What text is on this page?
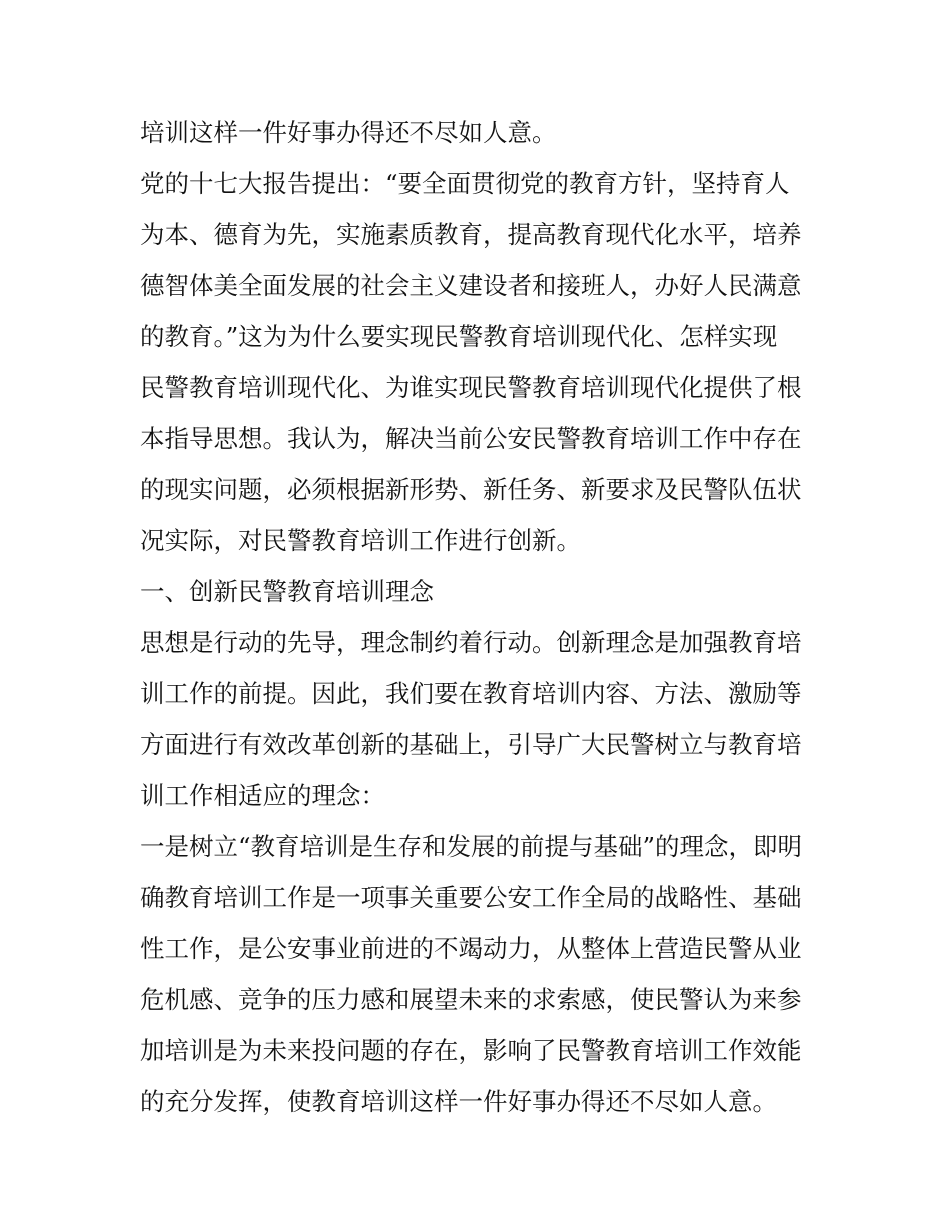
培训这样一件好事办得还不尽如人意。
党的十七大报告提出：“要全面贯彻党的教育方针，坚持育人
为本、德育为先，实施素质教育，提高教育现代化水平，培养
德智体美全面发展的社会主义建设者和接班人，办好人民满意
的教育。”这为为什么要实现民警教育培训现代化、怎样实现
民警教育培训现代化、为谁实现民警教育培训现代化提供了根
本指导思想。我认为，解决当前公安民警教育培训工作中存在
的现实问题，必须根据新形势、新任务、新要求及民警队伍状
况实际，对民警教育培训工作进行创新。
一、创新民警教育培训理念
思想是行动的先导，理念制约着行动。创新理念是加强教育培
训工作的前提。因此，我们要在教育培训内容、方法、激励等
方面进行有效改革创新的基础上，引导广大民警树立与教育培
训工作相适应的理念：
一是树立“教育培训是生存和发展的前提与基础”的理念，即明
确教育培训工作是一项事关重要公安工作全局的战略性、基础
性工作，是公安事业前进的不竭动力，从整体上营造民警从业
危机感、竞争的压力感和展望未来的求索感，使民警认为来参
加培训是为未来投问题的存在，影响了民警教育培训工作效能
的充分发挥，使教育培训这样一件好事办得还不尽如人意。
